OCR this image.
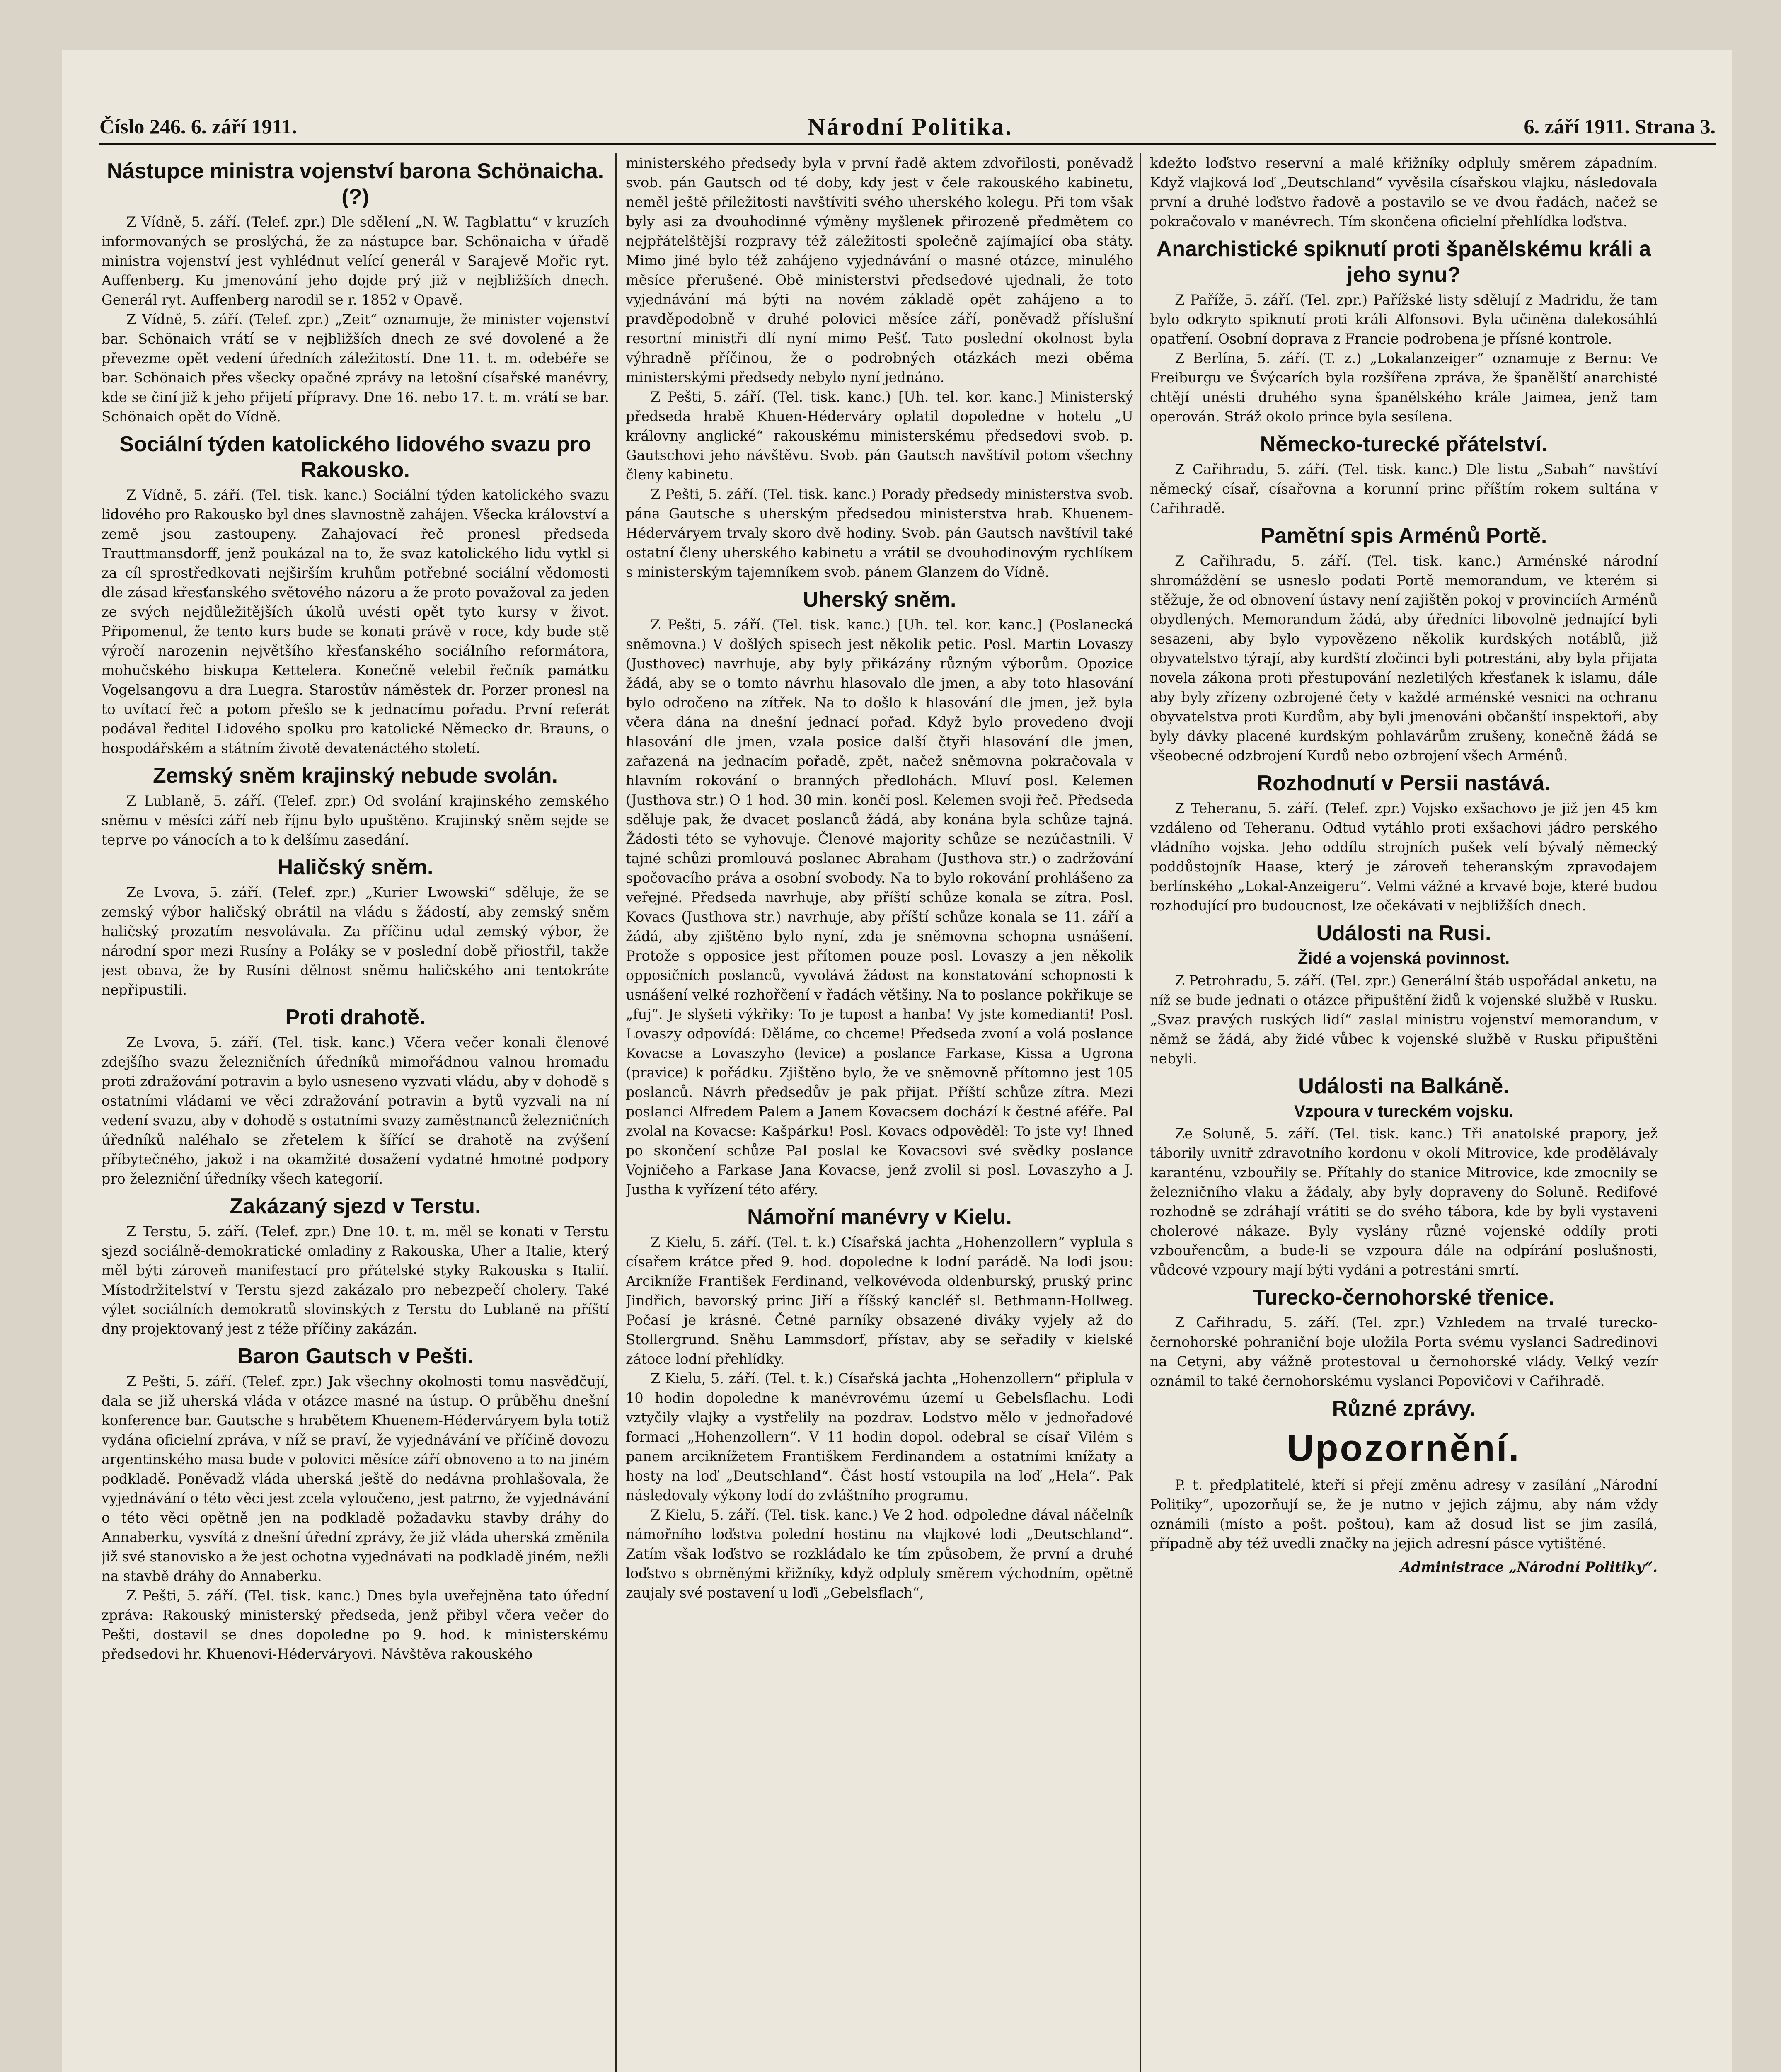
Číslo 246. 6. září 1911.	Národní Politika.	6. září 1911. Strana 3.
Nástupce ministra vojenství barona Schönaicha. (?)

Z Vídně, 5. září. (Telef. zpr.) Dle sdělení „N. W. Tagblattu“ v kruzích informovaných se proslýchá, že za nástupce bar. Schönaicha v úřadě ministra vojenství jest vyhlédnut velící generál v Sarajevě Mořic ryt. Auffenberg. Ku jmenování jeho dojde prý již v nejbližších dnech. Generál ryt. Auffenberg narodil se r. 1852 v Opavě.

Z Vídně, 5. září. (Telef. zpr.) „Zeit“ oznamuje, že minister vojenství bar. Schönaich vrátí se v nejbližších dnech ze své dovolené a že převezme opět vedení úředních záležitostí. Dne 11. t. m. odebéře se bar. Schönaich přes všecky opačné zprávy na letošní císařské manévry, kde se činí již k jeho přijetí přípravy. Dne 16. nebo 17. t. m. vrátí se bar. Schönaich opět do Vídně.

Sociální týden katolického lidového svazu pro Rakousko.

Z Vídně, 5. září. (Tel. tisk. kanc.) Sociální týden katolického svazu lidového pro Rakousko byl dnes slavnostně zahájen. Všecka království a země jsou zastoupeny. Zahajovací řeč pronesl předseda Trauttmansdorff, jenž poukázal na to, že svaz katolického lidu vytkl si za cíl sprostředkovati nejširším kruhům potřebné sociální vědomosti dle zásad křesťanského světového názoru a že proto považoval za jeden ze svých nejdůležitějších úkolů uvésti opět tyto kursy v život. Připomenul, že tento kurs bude se konati právě v roce, kdy bude stě výročí narozenin největšího křesťanského sociálního reformátora, mohučského biskupa Kettelera. Konečně velebil řečník památku Vogelsangovu a dra Luegra. Starostův náměstek dr. Porzer pronesl na to uvítací řeč a potom přešlo se k jednacímu pořadu. První referát podával ředitel Lidového spolku pro katolické Německo dr. Brauns, o hospodářském a státním životě devatenáctého století.

Zemský sněm krajinský nebude svolán.

Z Lublaně, 5. září. (Telef. zpr.) Od svolání krajinského zemského sněmu v měsíci září neb říjnu bylo upuštěno. Krajinský sněm sejde se teprve po vánocích a to k delšímu zasedání.

Haličský sněm.

Ze Lvova, 5. září. (Telef. zpr.) „Kurier Lwowski“ sděluje, že se zemský výbor haličský obrátil na vládu s žádostí, aby zemský sněm haličský prozatím nesvolávala. Za příčinu udal zemský výbor, že národní spor mezi Rusíny a Poláky se v poslední době přiostřil, takže jest obava, že by Rusíni dělnost sněmu haličského ani tentokráte nepřipustili.

Proti drahotě.

Ze Lvova, 5. září. (Tel. tisk. kanc.) Včera večer konali členové zdejšího svazu železničních úředníků mimořádnou valnou hromadu proti zdražování potravin a bylo usneseno vyzvati vládu, aby v dohodě s ostatními vládami ve věci zdražování potravin a bytů vyzvali na ní vedení svazu, aby v dohodě s ostatními svazy zaměstnanců železničních úředníků naléhalo se zřetelem k šířící se drahotě na zvýšení příbytečného, jakož i na okamžité dosažení vydatné hmotné podpory pro železniční úředníky všech kategorií.

Zakázaný sjezd v Terstu.

Z Terstu, 5. září. (Telef. zpr.) Dne 10. t. m. měl se konati v Terstu sjezd sociálně-demokratické omladiny z Rakouska, Uher a Italie, který měl býti zároveň manifestací pro přátelské styky Rakouska s Italií. Místodržitelství v Terstu sjezd zakázalo pro nebezpečí cholery. Také výlet sociálních demokratů slovinských z Terstu do Lublaně na příští dny projektovaný jest z téže příčiny zakázán.

Baron Gautsch v Pešti.

Z Pešti, 5. září. (Telef. zpr.) Jak všechny okolnosti tomu nasvědčují, dala se již uherská vláda v otázce masné na ústup. O průběhu dnešní konference bar. Gautsche s hrabětem Khuenem-Héderváryem byla totiž vydána oficielní zpráva, v níž se praví, že vyjednávání ve příčině dovozu argentinského masa bude v polovici měsíce září obnoveno a to na jiném podkladě. Poněvadž vláda uherská ještě do nedávna prohlašovala, že vyjednávání o této věci jest zcela vyloučeno, jest patrno, že vyjednávání o této věci opětně jen na podkladě požadavku stavby dráhy do Annaberku, vysvítá z dnešní úřední zprávy, že již vláda uherská změnila již své stanovisko a že jest ochotna vyjednávati na podkladě jiném, nežli na stavbě dráhy do Annaberku.

Z Pešti, 5. září. (Tel. tisk. kanc.) Dnes byla uveřejněna tato úřední zpráva: Rakouský ministerský předseda, jenž přibyl včera večer do Pešti, dostavil se dnes dopoledne po 9. hod. k ministerskému předsedovi hr. Khuenovi-Héderváryovi. Návštěva rakouského

ministerského předsedy byla v první řadě aktem zdvořilosti, poněvadž svob. pán Gautsch od té doby, kdy jest v čele rakouského kabinetu, neměl ještě příležitosti navštíviti svého uherského kolegu. Při tom však byly asi za dvouhodinné výměny myšlenek přirozeně předmětem co nejpřátelštější rozpravy též záležitosti společně zajímající oba státy. Mimo jiné bylo též zahájeno vyjednávání o masné otázce, minulého měsíce přerušené. Obě ministerstvi předsedové ujednali, že toto vyjednávání má býti na novém základě opět zahájeno a to pravděpodobně v druhé polovici měsíce září, poněvadž příslušní resortní ministři dlí nyní mimo Pešť. Tato poslední okolnost byla výhradně příčinou, že o podrobných otázkách mezi oběma ministerskými předsedy nebylo nyní jednáno.

Z Pešti, 5. září. (Tel. tisk. kanc.) [Uh. tel. kor. kanc.] Ministerský předseda hrabě Khuen-Héderváry oplatil dopoledne v hotelu „U královny anglické“ rakouskému ministerskému předsedovi svob. p. Gautschovi jeho návštěvu. Svob. pán Gautsch navštívil potom všechny členy kabinetu.

Z Pešti, 5. září. (Tel. tisk. kanc.) Porady předsedy ministerstva svob. pána Gautsche s uherským předsedou ministerstva hrab. Khuenem-Héderváryem trvaly skoro dvě hodiny. Svob. pán Gautsch navštívil také ostatní členy uherského kabinetu a vrátil se dvouhodinovým rychlíkem s ministerským tajemníkem svob. pánem Glanzem do Vídně.

Uherský sněm.

Z Pešti, 5. září. (Tel. tisk. kanc.) [Uh. tel. kor. kanc.] (Poslanecká sněmovna.) V došlých spisech jest několik petic. Posl. Martin Lovaszy (Justhovec) navrhuje, aby byly přikázány různým výborům. Opozice žádá, aby se o tomto návrhu hlasovalo dle jmen, a aby toto hlasování bylo odročeno na zítřek. Na to došlo k hlasování dle jmen, jež byla včera dána na dnešní jednací pořad. Když bylo provedeno dvojí hlasování dle jmen, vzala posice další čtyři hlasování dle jmen, zařazená na jednacím pořadě, zpět, načež sněmovna pokračovala v hlavním rokování o branných předlohách. Mluví posl. Kelemen (Justhova str.) O 1 hod. 30 min. končí posl. Kelemen svoji řeč. Předseda sděluje pak, že dvacet poslanců žádá, aby konána byla schůze tajná. Žádosti této se vyhovuje. Členové majority schůze se nezúčastnili. V tajné schůzi promlouvá poslanec Abraham (Justhova str.) o zadržování spočovacího práva a osobní svobody. Na to bylo rokování prohlášeno za veřejné. Předseda navrhuje, aby příští schůze konala se zítra. Posl. Kovacs (Justhova str.) navrhuje, aby příští schůze konala se 11. září a žádá, aby zjištěno bylo nyní, zda je sněmovna schopna usnášení. Protože s opposice jest přítomen pouze posl. Lovaszy a jen několik opposičních poslanců, vyvolává žádost na konstatování schopnosti k usnášení velké rozhořčení v řadách většiny. Na to poslance pokřikuje se „fuj“. Je slyšeti výkřiky: To je tupost a hanba! Vy jste komedianti! Posl. Lovaszy odpovídá: Děláme, co chceme! Předseda zvoní a volá poslance Kovacse a Lovaszyho (levice) a poslance Farkase, Kissa a Ugrona (pravice) k pořádku. Zjištěno bylo, že ve sněmovně přítomno jest 105 poslanců. Návrh předsedův je pak přijat. Příští schůze zítra. Mezi poslanci Alfredem Palem a Janem Kovacsem dochází k čestné aféře. Pal zvolal na Kovacse: Kašpárku! Posl. Kovacs odpověděl: To jste vy! Ihned po skončení schůze Pal poslal ke Kovacsovi své svědky poslance Vojničeho a Farkase Jana Kovacse, jenž zvolil si posl. Lovaszyho a J. Justha k vyřízení této aféry.

Námořní manévry v Kielu.

Z Kielu, 5. září. (Tel. t. k.) Císařská jachta „Hohenzollern“ vyplula s císařem krátce před 9. hod. dopoledne k lodní parádě. Na lodi jsou: Arcikníže František Ferdinand, velkovévoda oldenburský, pruský princ Jindřich, bavorský princ Jiří a říšský kancléř sl. Bethmann-Hollweg. Počasí je krásné. Četné parníky obsazené diváky vyjely až do Stollergrund. Sněhu Lammsdorf, přístav, aby se seřadily v kielské zátoce lodní přehlídky.

Z Kielu, 5. září. (Tel. t. k.) Císařská jachta „Hohenzollern“ připlula v 10 hodin dopoledne k manévrovému území u Gebelsflachu. Lodi vztyčily vlajky a vystřelily na pozdrav. Lodstvo mělo v jednořadové formaci „Hohenzollern“. V 11 hodin dopol. odebral se císař Vilém s panem arciknížetem Františkem Ferdinandem a ostatními knížaty a hosty na loď „Deutschland“. Část hostí vstoupila na loď „Hela“. Pak následovaly výkony lodí do zvláštního programu.

Z Kielu, 5. září. (Tel. tisk. kanc.) Ve 2 hod. odpoledne dával náčelník námořního loďstva polední hostinu na vlajkové lodi „Deutschland“. Zatím však loďstvo se rozkládalo ke tím způsobem, že první a druhé loďstvo s obrněnými křižníky, když odpluly směrem východním, opětně zaujaly své postavení u loďi „Gebelsflach“,

kdežto loďstvo reservní a malé křižníky odpluly směrem západním. Když vlajková loď „Deutschland“ vyvěsila císařskou vlajku, následovala první a druhé loďstvo řadově a postavilo se ve dvou řadách, načež se pokračovalo v manévrech. Tím skončena oficielní přehlídka loďstva.

Anarchistické spiknutí proti španělskému králi a jeho synu?

Z Paříže, 5. září. (Tel. zpr.) Pařížské listy sdělují z Madridu, že tam bylo odkryto spiknutí proti králi Alfonsovi. Byla učiněna dalekosáhlá opatření. Osobní doprava z Francie podrobena je přísné kontrole.

Z Berlína, 5. září. (T. z.) „Lokalanzeiger“ oznamuje z Bernu: Ve Freiburgu ve Švýcarích byla rozšířena zpráva, že španělští anarchisté chtějí unésti druhého syna španělského krále Jaimea, jenž tam operován. Stráž okolo prince byla sesílena.

Německo-turecké přátelství.

Z Cařihradu, 5. září. (Tel. tisk. kanc.) Dle listu „Sabah“ navštíví německý císař, císařovna a korunní princ příštím rokem sultána v Cařihradě.

Pamětní spis Arménů Portě.

Z Cařihradu, 5. září. (Tel. tisk. kanc.) Arménské národní shromáždění se usneslo podati Portě memorandum, ve kterém si stěžuje, že od obnovení ústavy není zajištěn pokoj v provinciích Arménů obydlených. Memorandum žádá, aby úředníci libovolně jednající byli sesazeni, aby bylo vypovězeno několik kurdských notáblů, již obyvatelstvo týrají, aby kurdští zločinci byli potrestáni, aby byla přijata novela zákona proti přestupování nezletilých křesťanek k islamu, dále aby byly zřízeny ozbrojené čety v každé arménské vesnici na ochranu obyvatelstva proti Kurdům, aby byli jmenováni občanští inspektoři, aby byly dávky placené kurdským pohlavárům zrušeny, konečně žádá se všeobecné odzbrojení Kurdů nebo ozbrojení všech Arménů.

Rozhodnutí v Persii nastává.

Z Teheranu, 5. září. (Telef. zpr.) Vojsko exšachovo je již jen 45 km vzdáleno od Teheranu. Odtud vytáhlo proti exšachovi jádro perského vládního vojska. Jeho oddílu strojních pušek velí bývalý německý poddůstojník Haase, který je zároveň teheranským zpravodajem berlínského „Lokal-Anzeigeru“. Velmi vážné a krvavé boje, které budou rozhodující pro budoucnost, lze očekávati v nejbližších dnech.

Události na Rusi.
Židé a vojenská povinnost.

Z Petrohradu, 5. září. (Tel. zpr.) Generální štáb uspořádal anketu, na níž se bude jednati o otázce připuštění židů k vojenské službě v Rusku. „Svaz pravých ruských lidí“ zaslal ministru vojenství memorandum, v němž se žádá, aby židé vůbec k vojenské službě v Rusku připuštěni nebyli.

Události na Balkáně.
Vzpoura v tureckém vojsku.

Ze Soluně, 5. září. (Tel. tisk. kanc.) Tři anatolské prapory, jež táborily uvnitř zdravotního kordonu v okolí Mitrovice, kde prodělávaly karanténu, vzbouřily se. Přítahly do stanice Mitrovice, kde zmocnily se železničního vlaku a žádaly, aby byly dopraveny do Soluně. Redifové rozhodně se zdráhají vrátiti se do svého tábora, kde by byli vystaveni cholerové nákaze. Byly vyslány různé vojenské oddíly proti vzbouřencům, a bude-li se vzpoura dále na odpírání poslušnosti, vůdcové vzpoury mají býti vydáni a potrestáni smrtí.

Turecko-černohorské třenice.

Z Cařihradu, 5. září. (Tel. zpr.) Vzhledem na trvalé turecko-černohorské pohraniční boje uložila Porta svému vyslanci Sadredinovi na Cetyni, aby vážně protestoval u černohorské vlády. Velký vezír oznámil to také černohorskému vyslanci Popovičovi v Cařihradě.

Různé zprávy.
Upozornění.

P. t. předplatitelé, kteří si přejí změnu adresy v zasílání „Národní Politiky“, upozorňují se, že je nutno v jejich zájmu, aby nám vždy oznámili (místo a pošt. poštou), kam až dosud list se jim zasílá, případně aby též uvedli značky na jejich adresní pásce vytištěné.

Administrace „Národní Politiky“.
